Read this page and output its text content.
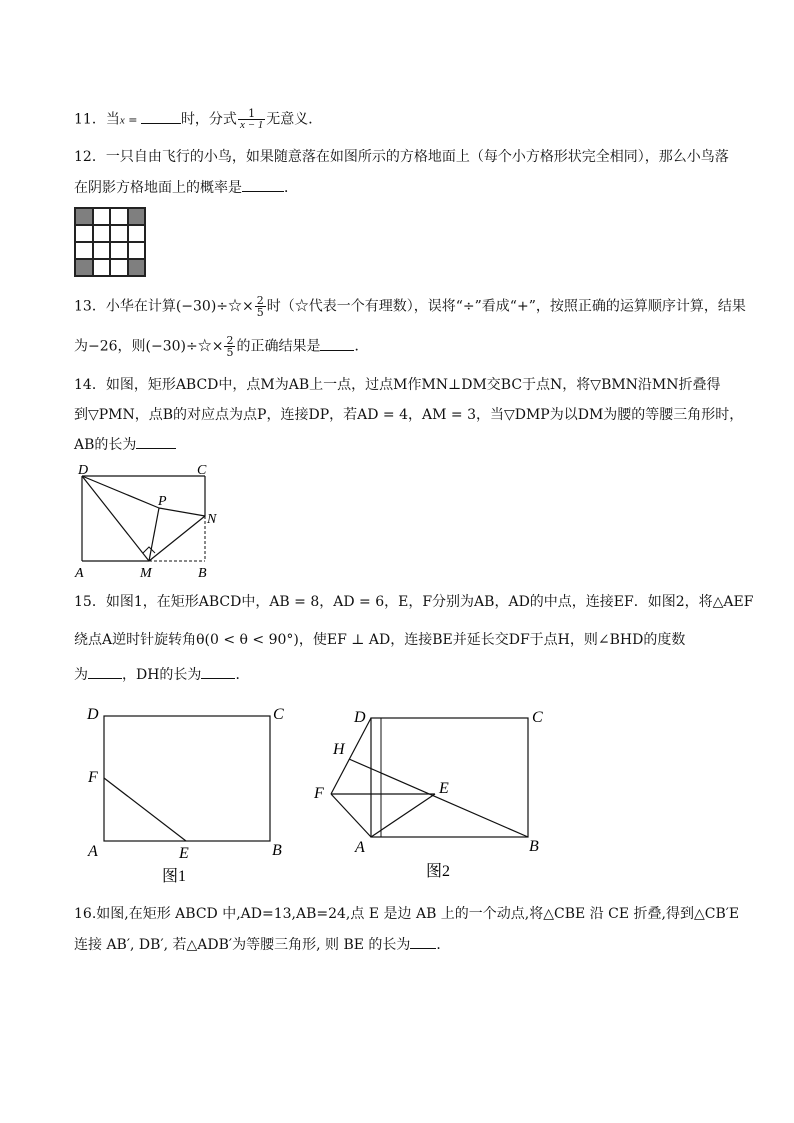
11．当x =	时，分式 $\frac{1}{x - 1}$ 无意义．
12．一只自由飞行的小鸟，如果随意落在如图所示的方格地面上（每个小方格形状完全相同），那么小鸟落
在阴影方格地面上的概率是	．
13．小华在计算(−30)÷☆× $\frac{2}{5}$ 时（☆代表一个有理数），误将“÷”看成“+”，按照正确的运算顺序计算，结果
为−26，则(−30)÷☆× $\frac{2}{5}$ 的正确结果是 ．
14．如图，矩形ABCD中，点M为AB上一点，过点M作MN⊥DM交BC于点N，将▽BMN沿MN折叠得
到▽PMN，点B的对应点为点P，连接DP，若AD = 4，AM = 3，当▽DMP为以DM为腰的等腰三角形时，
AB的长为
D	C
P
N
A	M	B
15．如图1，在矩形ABCD中，AB = 8，AD = 6，E，F分别为AB，AD的中点，连接EF．如图2，将△AEF
绕点A逆时针旋转角θ(0 < θ < 90°)，使EF ⊥ AD，连接BE并延长交DF于点H，则∠BHD的度数
为 ，DH的长为 ．
D	C
F
A	E	B
图1
D	C
H
F	E
A	B
图2
16.如图,在矩形 ABCD 中,AD=13,AB=24,点 E 是边 AB 上的一个动点,将△CBE 沿 CE 折叠,得到△CB′E
连接 AB′, DB′, 若△ADB′为等腰三角形, 则 BE 的长为 ．
